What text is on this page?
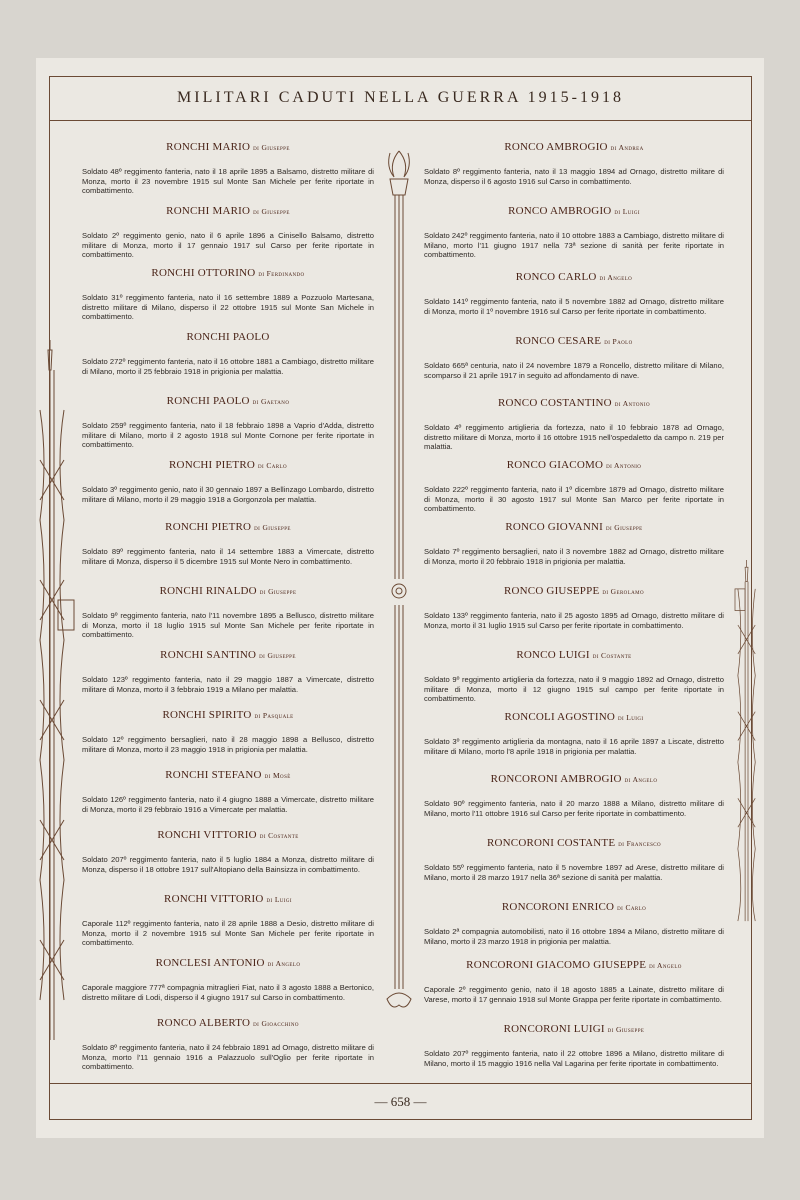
MILITARI CADUTI NELLA GUERRA 1915-1918
RONCHI MARIO di Giuseppe
Soldato 48º reggimento fanteria, nato il 18 aprile 1895 a Balsamo, distretto militare di Monza, morto il 23 novembre 1915 sul Monte San Michele per ferite riportate in combattimento.
RONCHI MARIO di Giuseppe
Soldato 2º reggimento genio, nato il 6 aprile 1896 a Cinisello Balsamo, distretto militare di Monza, morto il 17 gennaio 1917 sul Carso per ferite riportate in combattimento.
RONCHI OTTORINO di Ferdinando
Soldato 31º reggimento fanteria, nato il 16 settembre 1889 a Pozzuolo Martesana, distretto militare di Milano, disperso il 22 ottobre 1915 sul Monte San Michele in combattimento.
RONCHI PAOLO
Soldato 272º reggimento fanteria, nato il 16 ottobre 1881 a Cambiago, distretto militare di Milano, morto il 25 febbraio 1918 in prigionia per malattia.
RONCHI PAOLO di Gaetano
Soldato 259º reggimento fanteria, nato il 18 febbraio 1898 a Vaprio d'Adda, distretto militare di Milano, morto il 2 agosto 1918 sul Monte Cornone per ferite riportate in combattimento.
RONCHI PIETRO di Carlo
Soldato 3º reggimento genio, nato il 30 gennaio 1897 a Bellinzago Lombardo, distretto militare di Milano, morto il 29 maggio 1918 a Gorgonzola per malattia.
RONCHI PIETRO di Giuseppe
Soldato 89º reggimento fanteria, nato il 14 settembre 1883 a Vimercate, distretto militare di Monza, disperso il 5 dicembre 1915 sul Monte Nero in combattimento.
RONCHI RINALDO di Giuseppe
Soldato 9º reggimento fanteria, nato l'11 novembre 1895 a Bellusco, distretto militare di Monza, morto il 18 luglio 1915 sul Monte San Michele per ferite riportate in combattimento.
RONCHI SANTINO di Giuseppe
Soldato 123º reggimento fanteria, nato il 29 maggio 1887 a Vimercate, distretto militare di Monza, morto il 3 febbraio 1919 a Milano per malattia.
RONCHI SPIRITO di Pasquale
Soldato 12º reggimento bersaglieri, nato il 28 maggio 1898 a Bellusco, distretto militare di Monza, morto il 23 maggio 1918 in prigionia per malattia.
RONCHI STEFANO di Mosè
Soldato 126º reggimento fanteria, nato il 4 giugno 1888 a Vimercate, distretto militare di Monza, morto il 29 febbraio 1916 a Vimercate per malattia.
RONCHI VITTORIO di Costante
Soldato 207º reggimento fanteria, nato il 5 luglio 1884 a Monza, distretto militare di Monza, disperso il 18 ottobre 1917 sull'Altopiano della Bainsizza in combattimento.
RONCHI VITTORIO di Luigi
Caporale 112º reggimento fanteria, nato il 28 aprile 1888 a Desio, distretto militare di Monza, morto il 2 novembre 1915 sul Monte San Michele per ferite riportate in combattimento.
RONCLESI ANTONIO di Angelo
Caporale maggiore 777ª compagnia mitraglieri Fiat, nato il 3 agosto 1888 a Bertonico, distretto militare di Lodi, disperso il 4 giugno 1917 sul Carso in combattimento.
RONCO ALBERTO di Gioacchino
Soldato 8º reggimento fanteria, nato il 24 febbraio 1891 ad Ornago, distretto militare di Monza, morto l'11 gennaio 1916 a Palazzuolo sull'Oglio per ferite riportate in combattimento.
RONCO AMBROGIO di Andrea
Soldato 8º reggimento fanteria, nato il 13 maggio 1894 ad Ornago, distretto militare di Monza, disperso il 6 agosto 1916 sul Carso in combattimento.
RONCO AMBROGIO di Luigi
Soldato 242º reggimento fanteria, nato il 10 ottobre 1883 a Cambiago, distretto militare di Milano, morto l'11 giugno 1917 nella 73ª sezione di sanità per ferite riportate in combattimento.
RONCO CARLO di Angelo
Soldato 141º reggimento fanteria, nato il 5 novembre 1882 ad Ornago, distretto militare di Monza, morto il 1º novembre 1916 sul Carso per ferite riportate in combattimento.
RONCO CESARE di Paolo
Soldato 665ª centuria, nato il 24 novembre 1879 a Roncello, distretto militare di Milano, scomparso il 21 aprile 1917 in seguito ad affondamento di nave.
RONCO COSTANTINO di Antonio
Soldato 4º reggimento artiglieria da fortezza, nato il 10 febbraio 1878 ad Ornago, distretto militare di Monza, morto il 16 ottobre 1915 nell'ospedaletto da campo n. 219 per malattia.
RONCO GIACOMO di Antonio
Soldato 222º reggimento fanteria, nato il 1º dicembre 1879 ad Ornago, distretto militare di Monza, morto il 30 agosto 1917 sul Monte San Marco per ferite riportate in combattimento.
RONCO GIOVANNI di Giuseppe
Soldato 7º reggimento bersaglieri, nato il 3 novembre 1882 ad Ornago, distretto militare di Monza, morto il 20 febbraio 1918 in prigionia per malattia.
RONCO GIUSEPPE di Gerolamo
Soldato 133º reggimento fanteria, nato il 25 agosto 1895 ad Ornago, distretto militare di Monza, morto il 31 luglio 1915 sul Carso per ferite riportate in combattimento.
RONCO LUIGI di Costante
Soldato 9º reggimento artiglieria da fortezza, nato il 9 maggio 1892 ad Ornago, distretto militare di Monza, morto il 12 giugno 1915 sul campo per ferite riportate in combattimento.
RONCOLI AGOSTINO di Luigi
Soldato 3º reggimento artiglieria da montagna, nato il 16 aprile 1897 a Liscate, distretto militare di Milano, morto l'8 aprile 1918 in prigionia per malattia.
RONCORONI AMBROGIO di Angelo
Soldato 90º reggimento fanteria, nato il 20 marzo 1888 a Milano, distretto militare di Milano, morto l'11 ottobre 1916 sul Carso per ferite riportate in combattimento.
RONCORONI COSTANTE di Francesco
Soldato 55º reggimento fanteria, nato il 5 novembre 1897 ad Arese, distretto militare di Milano, morto il 28 marzo 1917 nella 36ª sezione di sanità per malattia.
RONCORONI ENRICO di Carlo
Soldato 2ª compagnia automobilisti, nato il 16 ottobre 1894 a Milano, distretto militare di Milano, morto il 23 marzo 1918 in prigionia per malattia.
RONCORONI GIACOMO GIUSEPPE di Angelo
Caporale 2º reggimento genio, nato il 18 agosto 1885 a Lainate, distretto militare di Varese, morto il 17 gennaio 1918 sul Monte Grappa per ferite riportate in combattimento.
RONCORONI LUIGI di Giuseppe
Soldato 207º reggimento fanteria, nato il 22 ottobre 1896 a Milano, distretto militare di Milano, morto il 15 maggio 1916 nella Val Lagarina per ferite riportate in combattimento.
— 658 —
